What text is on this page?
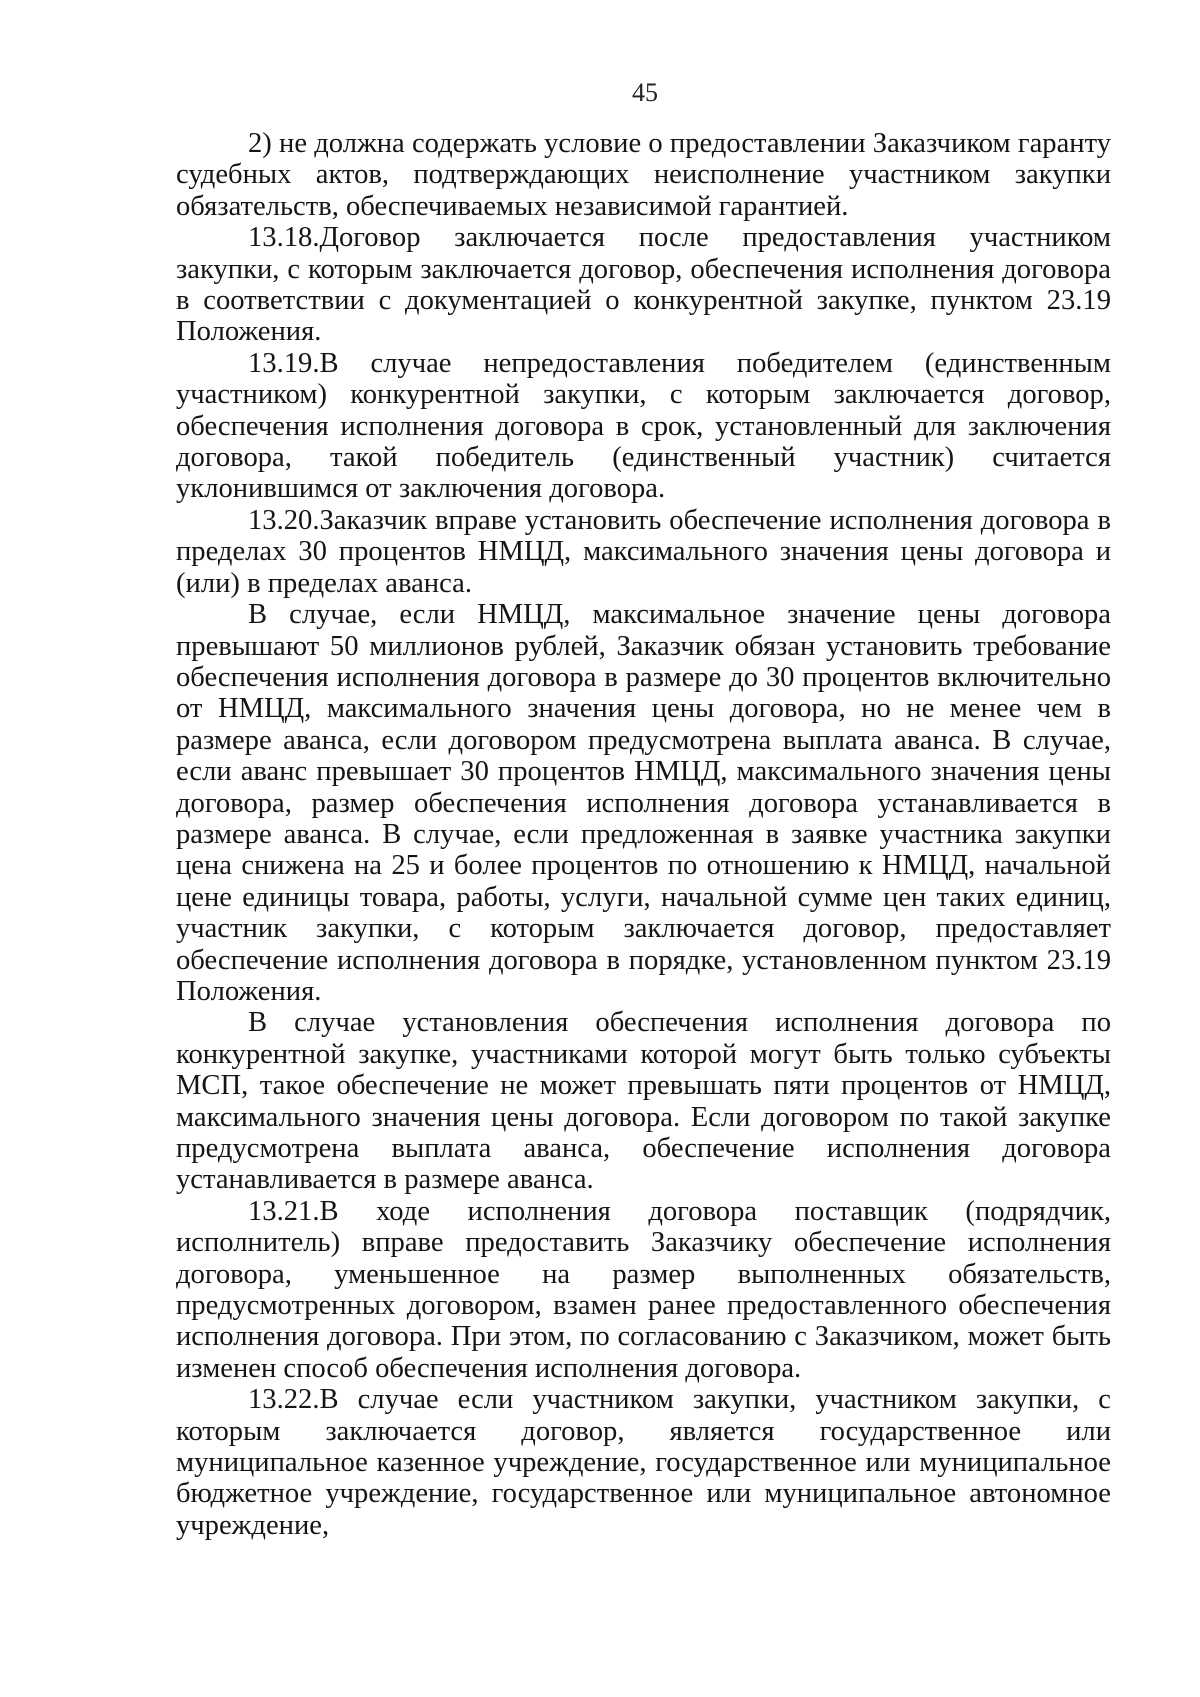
45

2) не должна содержать условие о предоставлении Заказчиком гаранту судебных актов, подтверждающих неисполнение участником закупки обязательств, обеспечиваемых независимой гарантией.

13.18.Договор заключается после предоставления участником закупки, с которым заключается договор, обеспечения исполнения договора в соответствии с документацией о конкурентной закупке, пунктом 23.19 Положения.

13.19.В случае непредоставления победителем (единственным участником) конкурентной закупки, с которым заключается договор, обеспечения исполнения договора в срок, установленный для заключения договора, такой победитель (единственный участник) считается уклонившимся от заключения договора.

13.20.Заказчик вправе установить обеспечение исполнения договора в пределах 30 процентов НМЦД, максимального значения цены договора и (или) в пределах аванса.

В случае, если НМЦД, максимальное значение цены договора превышают 50 миллионов рублей, Заказчик обязан установить требование обеспечения исполнения договора в размере до 30 процентов включительно от НМЦД, максимального значения цены договора, но не менее чем в размере аванса, если договором предусмотрена выплата аванса. В случае, если аванс превышает 30 процентов НМЦД, максимального значения цены договора, размер обеспечения исполнения договора устанавливается в размере аванса. В случае, если предложенная в заявке участника закупки цена снижена на 25 и более процентов по отношению к НМЦД, начальной цене единицы товара, работы, услуги, начальной сумме цен таких единиц, участник закупки, с которым заключается договор, предоставляет обеспечение исполнения договора в порядке, установленном пунктом 23.19 Положения.

В случае установления обеспечения исполнения договора по конкурентной закупке, участниками которой могут быть только субъекты МСП, такое обеспечение не может превышать пяти процентов от НМЦД, максимального значения цены договора. Если договором по такой закупке предусмотрена выплата аванса, обеспечение исполнения договора устанавливается в размере аванса.

13.21.В ходе исполнения договора поставщик (подрядчик, исполнитель) вправе предоставить Заказчику обеспечение исполнения договора, уменьшенное на размер выполненных обязательств, предусмотренных договором, взамен ранее предоставленного обеспечения исполнения договора. При этом, по согласованию с Заказчиком, может быть изменен способ обеспечения исполнения договора.

13.22.В случае если участником закупки, участником закупки, с которым заключается договор, является государственное или муниципальное казенное учреждение, государственное или муниципальное бюджетное учреждение, государственное или муниципальное автономное учреждение,
